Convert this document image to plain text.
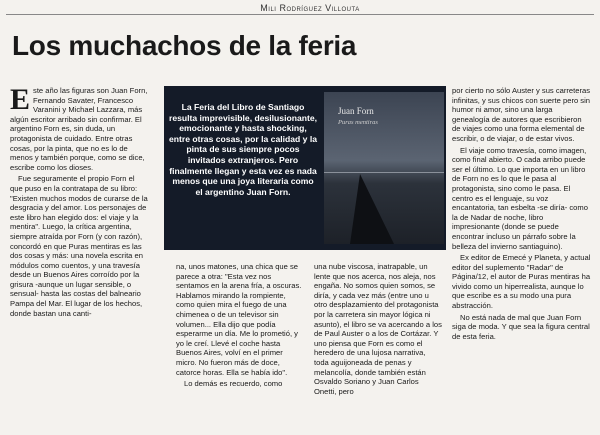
Mili Rodríguez Villouta
Los muchachos de la feria

Este año las figuras son Juan Forn, Fernando Savater, Francesco Varanini y Michael Lazzara, más algún escritor arribado sin confirmar. El argentino Forn es, sin duda, un protagonista de cuidado. Entre otras cosas, por la pinta, que no es lo de menos y también porque, como se dice, escribe como los dioses.

Fue seguramente el propio Forn el que puso en la contratapa de su libro: "Existen muchos modos de curarse de la desgracia y del amor. Los personajes de este libro han elegido dos: el viaje y la mentira". Luego, la crítica argentina, siempre atraída por Forn (y con razón), concordó en que Puras mentiras es las dos cosas y más: una novela escrita en módulos como cuentos, y una travesía desde un Buenos Aires corroído por la grisura -aunque un lugar sensible, o sensual- hasta las costas del balneario Pampa del Mar. El lugar de los hechos, donde bastan una canti-

La Feria del Libro de Santiago resulta imprevisible, desilusionante, emocionante y hasta shocking, entre otras cosas, por la calidad y la pinta de sus siempre pocos invitados extranjeros. Pero finalmente llegan y esta vez es nada menos que una joya literaria como el argentino Juan Forn.
Juan Forn
Puras mentiras

na, unos matones, una chica que se parece a otra: "Esta vez nos sentamos en la arena fría, a oscuras. Hablamos mirando la rompiente, como quien mira el fuego de una chimenea o de un televisor sin volumen... Ella dijo que podía esperarme un día. Me lo prometió, y yo le creí. Llevé el coche hasta Buenos Aires, volví en el primer micro. No fueron más de doce, catorce horas. Ella se había ido".

Lo demás es recuerdo, como

una nube viscosa, inatrapable, un lente que nos acerca, nos aleja, nos engaña. No somos quien somos, se diría, y cada vez más (entre uno u otro desplazamiento del protagonista por la carretera sin mayor lógica ni asunto), el libro se va acercando a los de Paul Auster o a los de Cortázar. Y uno piensa que Forn es como el heredero de una lujosa narrativa, toda aguijoneada de penas y melancolía, donde también están Osvaldo Soriano y Juan Carlos Onetti, pero

por cierto no sólo Auster y sus carreteras infinitas, y sus chicos con suerte pero sin humor ni amor, sino una larga genealogía de autores que escribieron de viajes como una forma elemental de escribir, o de viajar, o de estar vivos.

El viaje como travesía, como imagen, como final abierto. O cada arribo puede ser el último. Lo que importa en un libro de Forn no es lo que le pasa al protagonista, sino como le pasa. El centro es el lenguaje, su voz encantatoria, tan esbelta -se diría- como la de Nadar de noche, libro impresionante (donde se puede encontrar incluso un párrafo sobre la belleza del invierno santiaguino).

Ex editor de Emecé y Planeta, y actual editor del suplemento "Radar" de Página/12, el autor de Puras mentiras ha vivido como un hiperrealista, aunque lo que escribe es a su modo una pura abstracción.

No está nada de mal que Juan Forn siga de moda. Y que sea la figura central de esta feria.
